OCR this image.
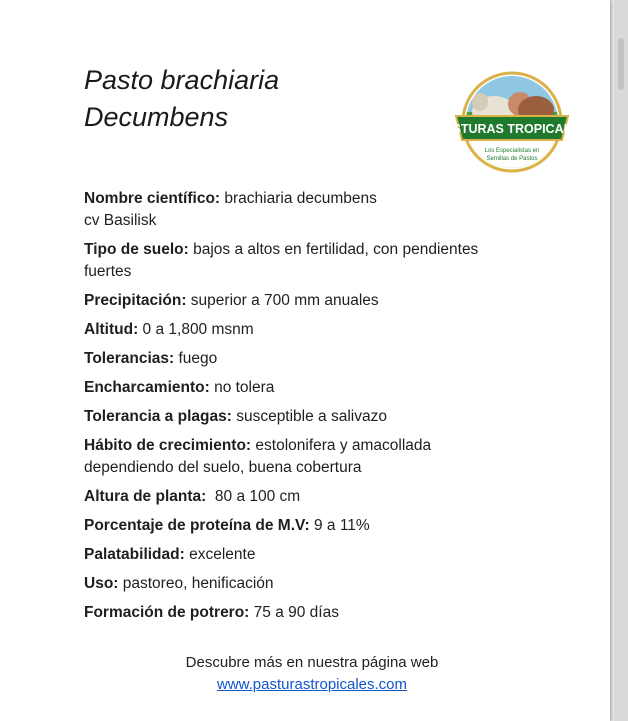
Pasto brachiaria
Decumbens	PASTURAS TROPICALES
Los Especialistas en
Semillas de Pastos
Nombre científico: brachiaria decumbens
cv Basilisk
Tipo de suelo: bajos a altos en fertilidad, con pendientes fuertes
Precipitación: superior a 700 mm anuales
Altitud: 0 a 1,800 msnm
Tolerancias: fuego
Encharcamiento: no tolera
Tolerancia a plagas: susceptible a salivazo
Hábito de crecimiento: estolonifera y amacollada dependiendo del suelo, buena cobertura
Altura de planta:  80 a 100 cm
Porcentaje de proteína de M.V: 9 a 11%
Palatabilidad: excelente
Uso: pastoreo, henificación
Formación de potrero: 75 a 90 días
Descubre más en nuestra página web
www.pasturastropicales.com
